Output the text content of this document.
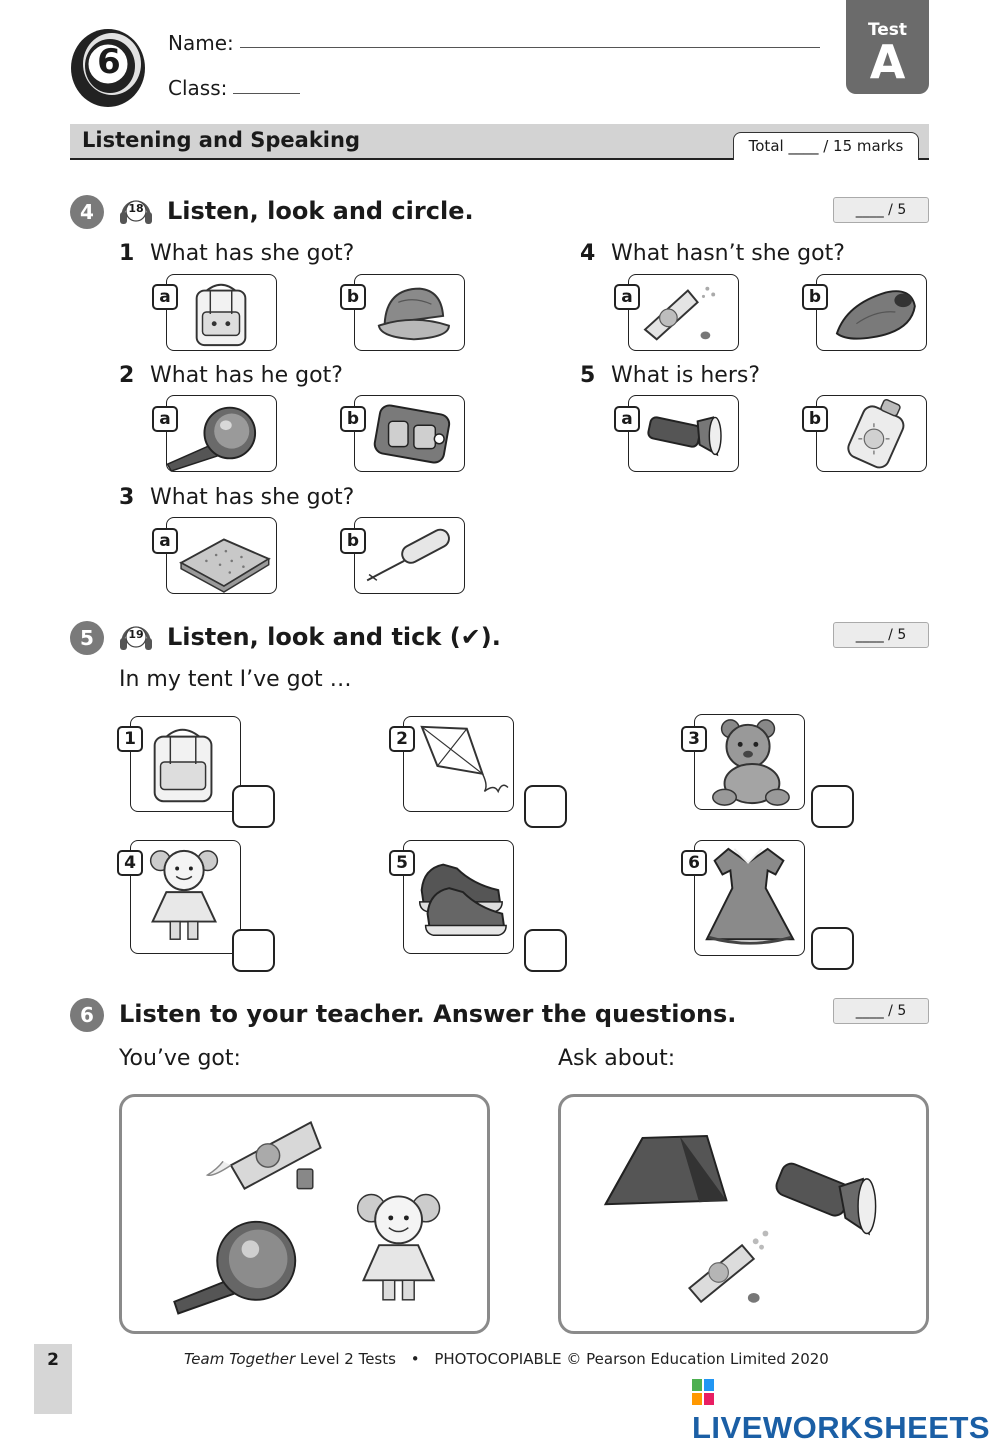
6 Name:
Class:
Test
A
Listening and Speaking	Total ____ / 15 marks
4	18 Listen, look and circle.	____ / 5
1 What has she got?
a	b
2 What has he got?
a	b
3 What has she got?
a	b
4 What hasn’t she got?
a	b
5 What is hers?
a	b
5	19 Listen, look and tick (✔).	____ / 5
In my tent I’ve got …
1	2	3
4	5	6
6	Listen to your teacher. Answer the questions.	____ / 5
You’ve got:	Ask about:
2	Team Together Level 2 Tests • PHOTOCOPIABLE © Pearson Education Limited 2020
LIVEWORKSHEETS
